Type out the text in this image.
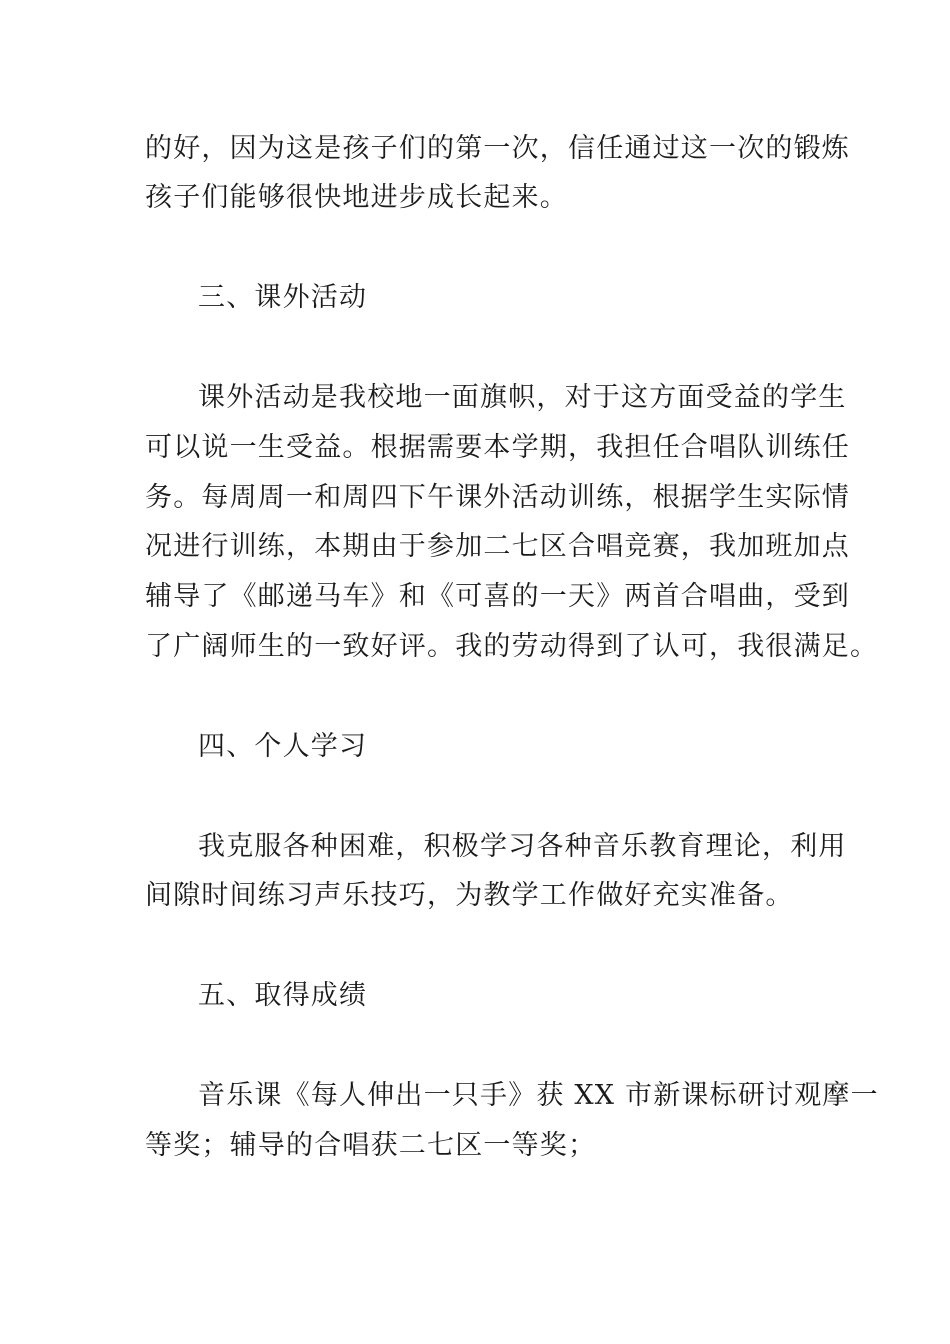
的好，因为这是孩子们的第一次，信任通过这一次的锻炼
孩子们能够很快地进步成长起来。
三、课外活动
课外活动是我校地一面旗帜，对于这方面受益的学生
可以说一生受益。根据需要本学期，我担任合唱队训练任
务。每周周一和周四下午课外活动训练，根据学生实际情
况进行训练，本期由于参加二七区合唱竞赛，我加班加点
辅导了《邮递马车》和《可喜的一天》两首合唱曲，受到
了广阔师生的一致好评。我的劳动得到了认可，我很满足。
四、个人学习
我克服各种困难，积极学习各种音乐教育理论，利用
间隙时间练习声乐技巧，为教学工作做好充实准备。
五、取得成绩
音乐课《每人伸出一只手》获 XX 市新课标研讨观摩一
等奖；辅导的合唱获二七区一等奖；
